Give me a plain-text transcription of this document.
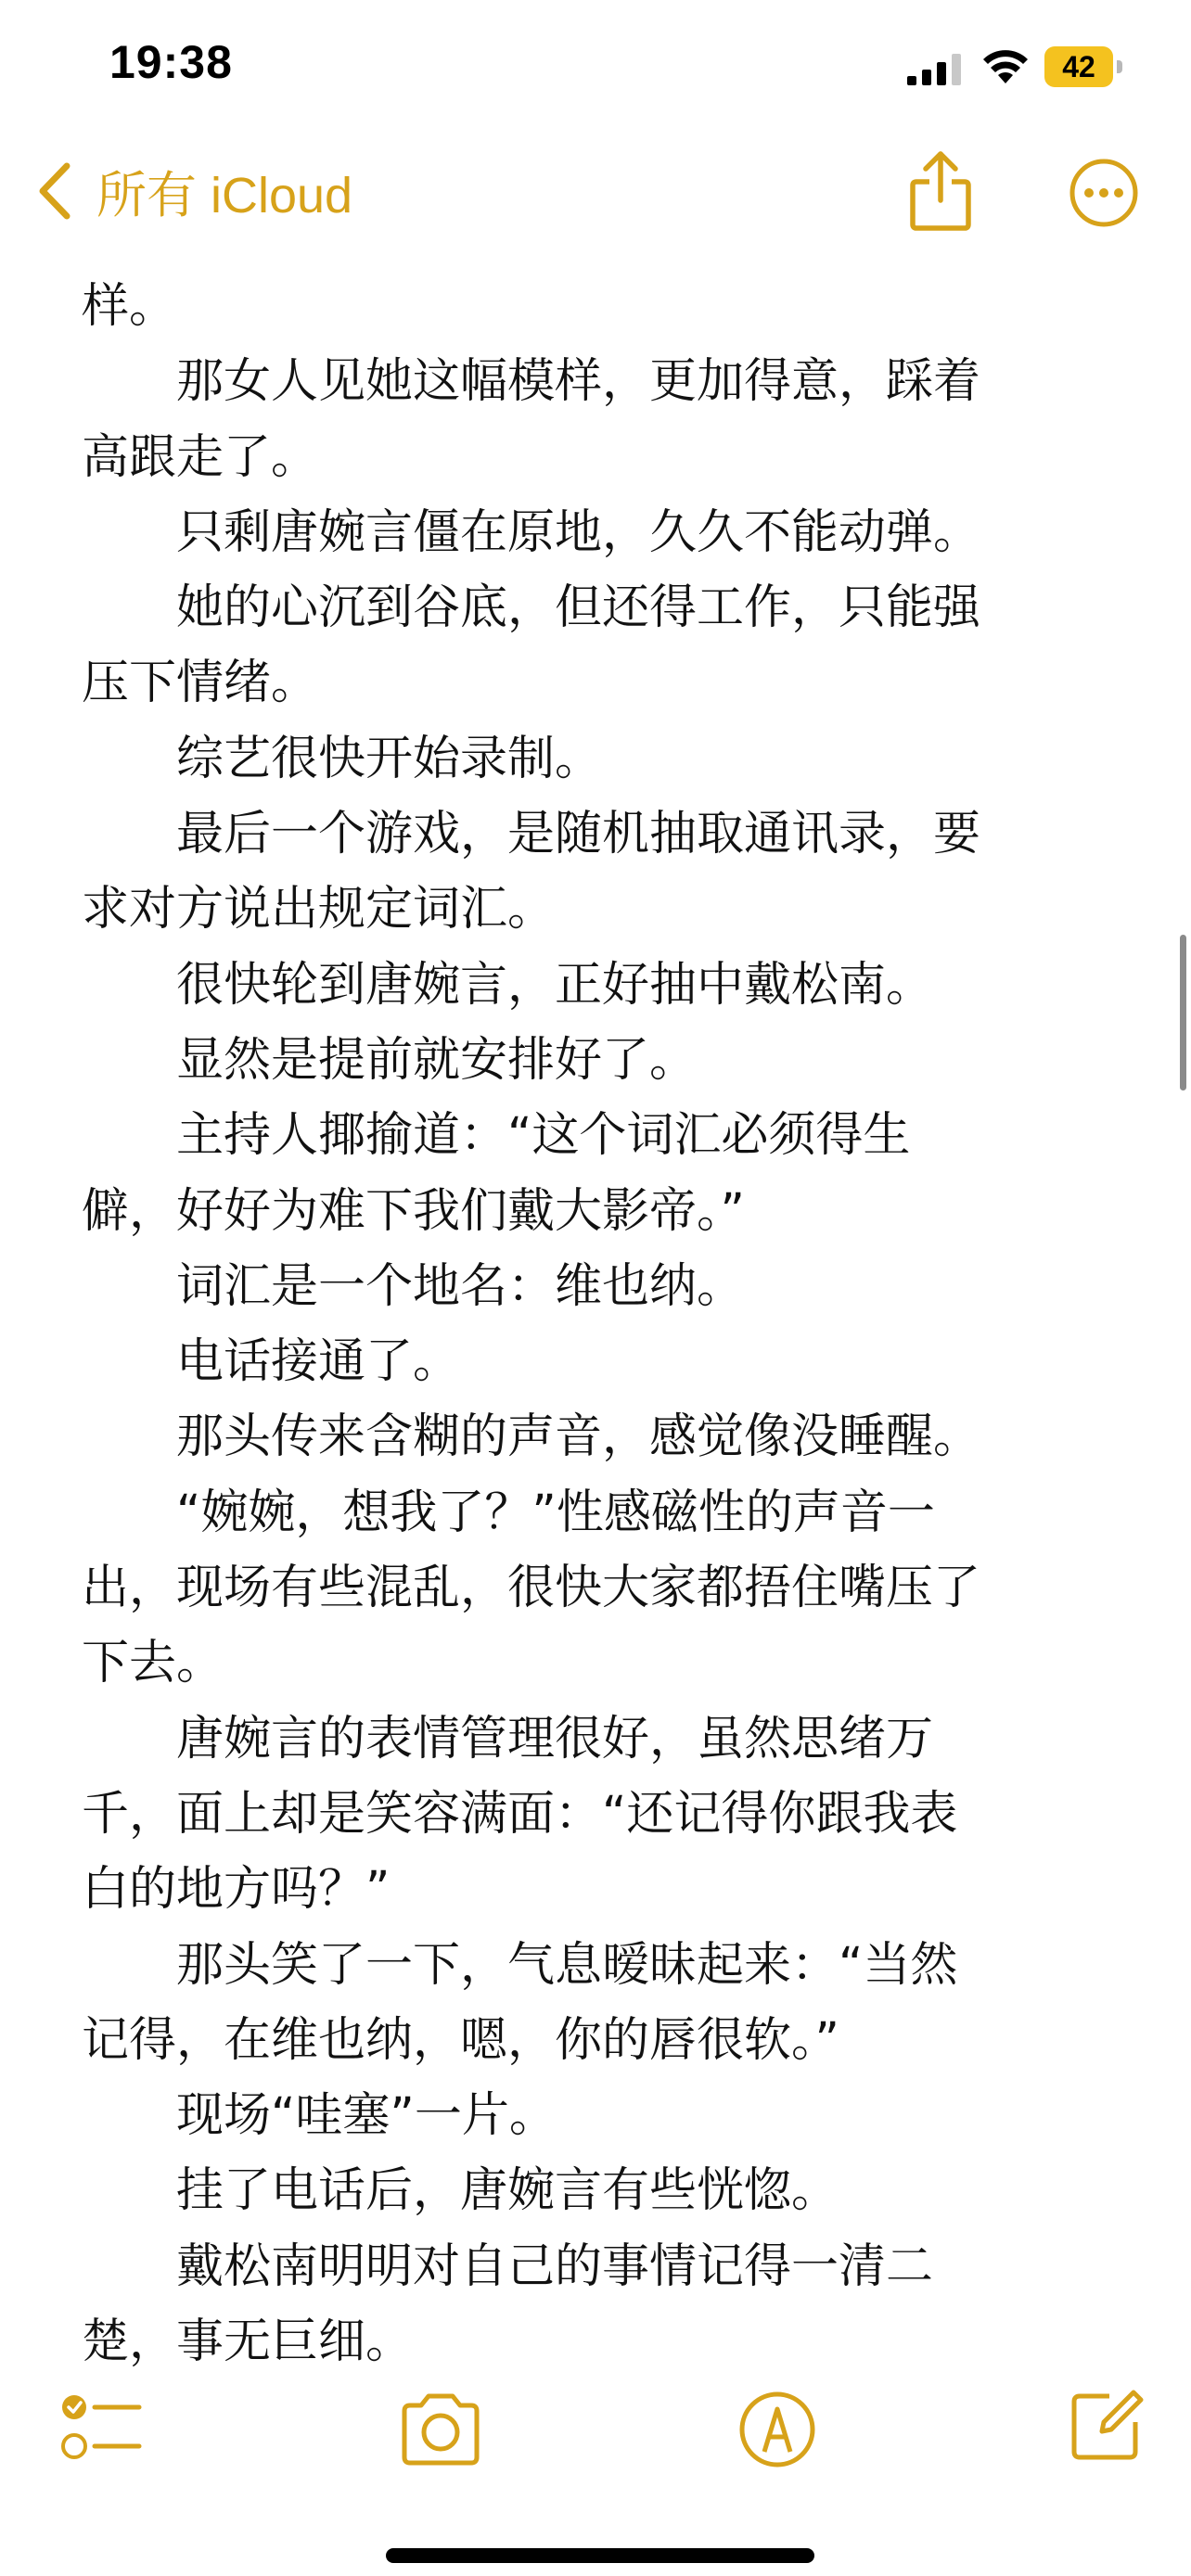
19:38	42
所有 iCloud
样。
　　那女人见她这幅模样，更加得意，踩着
高跟走了。
　　只剩唐婉言僵在原地，久久不能动弹。
　　她的心沉到谷底，但还得工作，只能强
压下情绪。
　　综艺很快开始录制。
　　最后一个游戏，是随机抽取通讯录，要
求对方说出规定词汇。
　　很快轮到唐婉言，正好抽中戴松南。
　　显然是提前就安排好了。
　　主持人揶揄道：“这个词汇必须得生
僻，好好为难下我们戴大影帝。”
　　词汇是一个地名：维也纳。
　　电话接通了。
　　那头传来含糊的声音，感觉像没睡醒。
　　“婉婉，想我了？”性感磁性的声音一
出，现场有些混乱，很快大家都捂住嘴压了
下去。
　　唐婉言的表情管理很好，虽然思绪万
千，面上却是笑容满面：“还记得你跟我表
白的地方吗？”
　　那头笑了一下，气息暧昧起来：“当然
记得，在维也纳，嗯，你的唇很软。”
　　现场“哇塞”一片。
　　挂了电话后，唐婉言有些恍惚。
　　戴松南明明对自己的事情记得一清二
楚，事无巨细。
